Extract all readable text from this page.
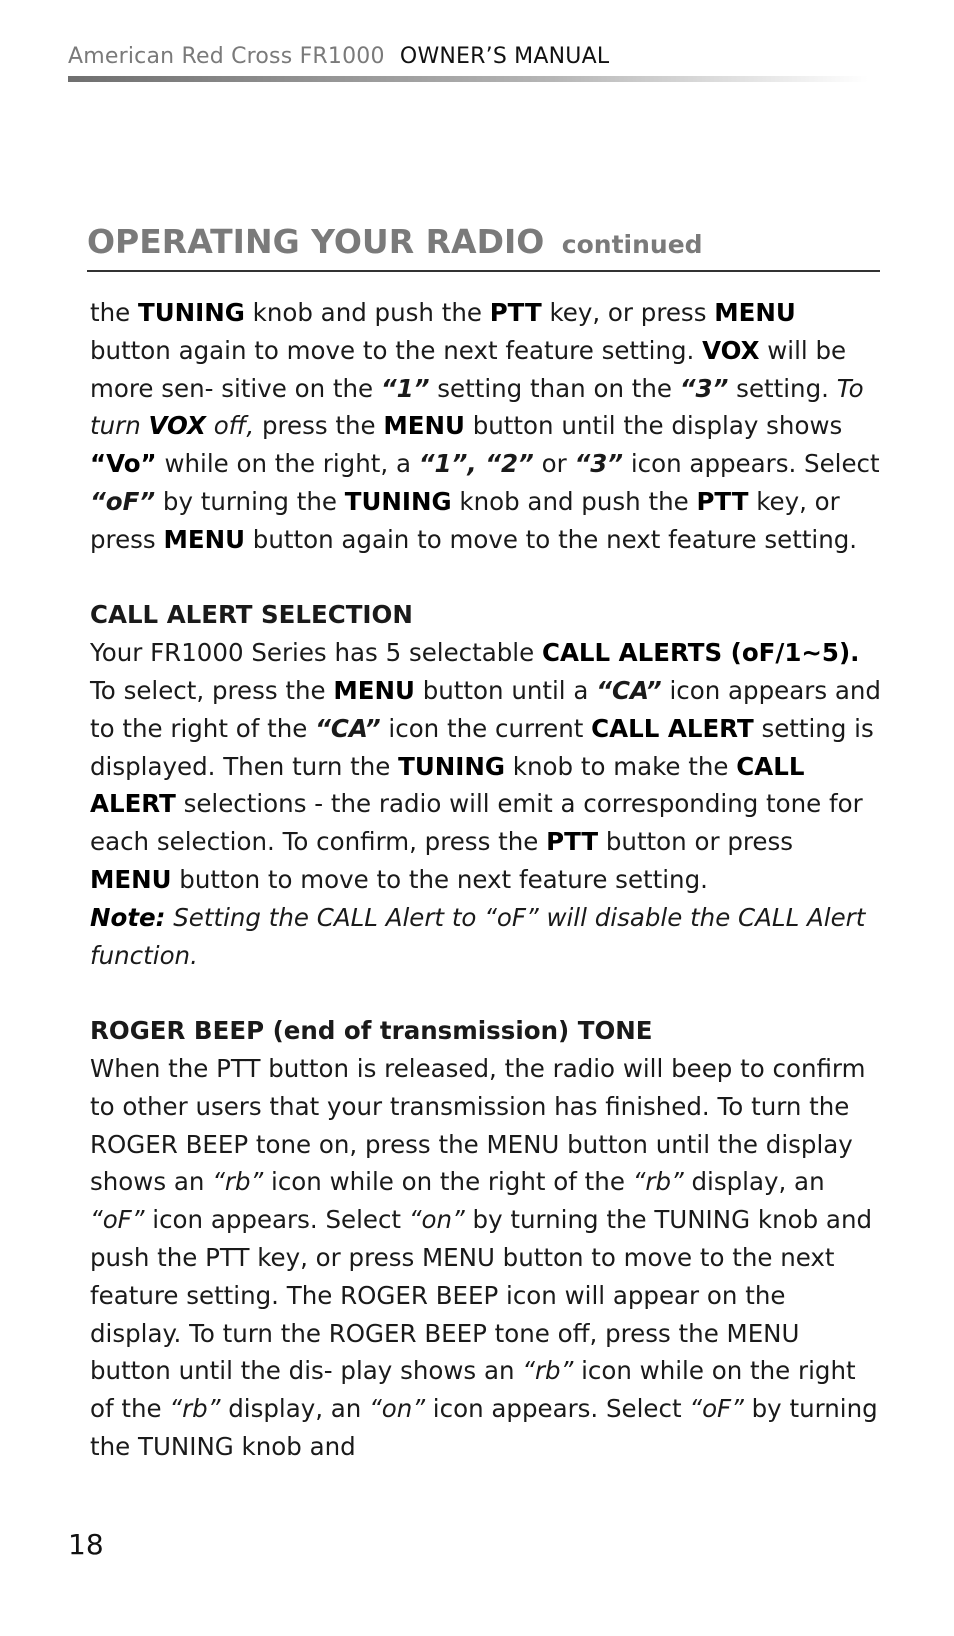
American Red Cross FR1000 OWNER’S MANUAL
OPERATING YOUR RADIO continued

the TUNING knob and push the PTT key, or press MENU button again to move to the next feature setting. VOX will be more sen- sitive on the “1” setting than on the “3” setting. To turn VOX off, press the MENU button until the display shows “Vo” while on the right, a “1”, “2” or “3” icon appears. Select “oF” by turning the TUNING knob and push the PTT key, or press MENU button again to move to the next feature setting.

CALL ALERT SELECTION

Your FR1000 Series has 5 selectable CALL ALERTS (oF/1~5). To select, press the MENU button until a “CA” icon appears and to the right of the “CA” icon the current CALL ALERT setting is displayed. Then turn the TUNING knob to make the CALL ALERT selections - the radio will emit a corresponding tone for each selection. To confirm, press the PTT button or press MENU button to move to the next feature setting.

Note: Setting the CALL Alert to “oF” will disable the CALL Alert function.

ROGER BEEP (end of transmission) TONE

When the PTT button is released, the radio will beep to confirm to other users that your transmission has finished. To turn the ROGER BEEP tone on, press the MENU button until the display shows an “rb” icon while on the right of the “rb” display, an “oF” icon appears. Select “on” by turning the TUNING knob and push the PTT key, or press MENU button to move to the next feature setting. The ROGER BEEP icon will appear on the display. To turn the ROGER BEEP tone off, press the MENU button until the dis- play shows an “rb” icon while on the right of the “rb” display, an “on” icon appears. Select “oF” by turning the TUNING knob and

18
